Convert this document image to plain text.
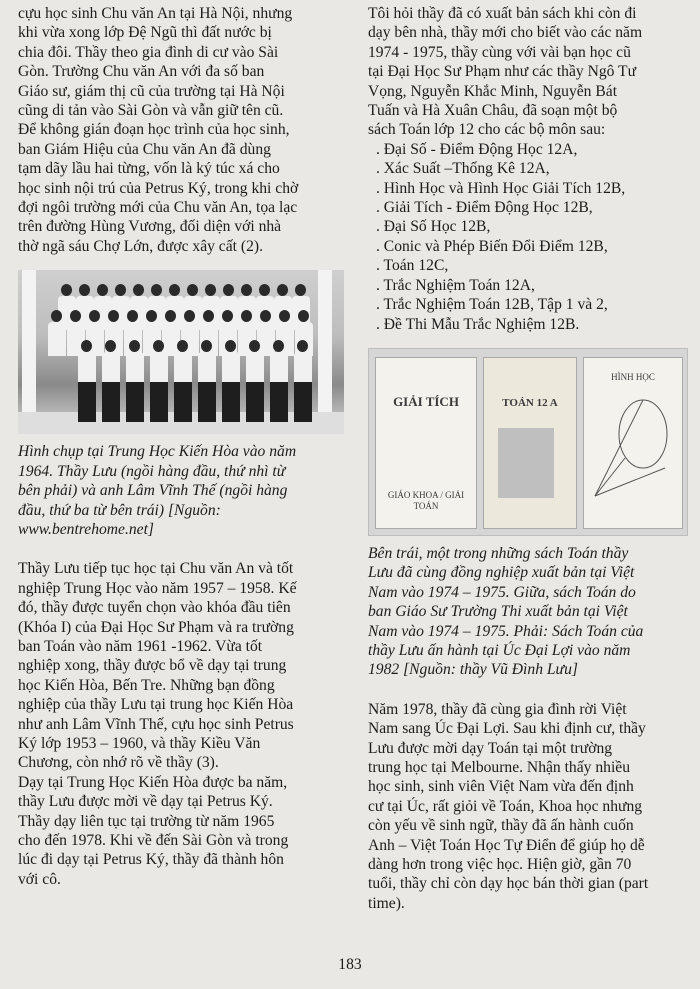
cựu học sinh Chu văn An tại Hà Nội, nhưng

khi vừa xong lớp Đệ Ngũ thì đất nước bị

chia đôi. Thầy theo gia đình di cư vào Sài

Gòn. Trường Chu văn An với đa số ban

Giáo sư, giám thị cũ của trường tại Hà Nội

cũng di tản vào Sài Gòn và vẫn giữ tên cũ.

Để không gián đoạn học trình của học sinh,

ban Giám Hiệu của Chu văn An đã dùng

tạm dãy lầu hai từng, vốn là ký túc xá cho

học sinh nội trú của Petrus Ký, trong khi chờ

đợi ngôi trường mới của Chu văn An, tọa lạc

trên đường Hùng Vương, đối diện với nhà

thờ ngã sáu Chợ Lớn, được xây cất (2).

Hình chụp tại Trung Học Kiến Hòa vào năm

1964. Thầy Lưu (ngồi hàng đầu, thứ nhì từ

bên phải) và anh Lâm Vĩnh Thế (ngồi hàng

đầu, thứ ba từ bên trái) [Nguồn:

www.bentrehome.net]

Thầy Lưu tiếp tục học tại Chu văn An và tốt

nghiệp Trung Học vào năm 1957 – 1958. Kế

đó, thầy được tuyển chọn vào khóa đầu tiên

(Khóa I) của Đại Học Sư Phạm và ra trường

ban Toán vào năm 1961 -1962. Vừa tốt

nghiệp xong, thầy được bổ về dạy tại trung

học Kiến Hòa, Bến Tre. Những bạn đồng

nghiệp của thầy Lưu tại trung học Kiến Hòa

như anh Lâm Vĩnh Thế, cựu học sinh Petrus

Ký lớp 1953 – 1960, và thầy Kiều Văn

Chương, còn nhớ rõ về thầy (3).

Dạy tại Trung Học Kiến Hòa được ba năm,

thầy Lưu được mời về dạy tại Petrus Ký.

Thầy dạy liên tục tại trường từ năm 1965

cho đến 1978. Khi về đến Sài Gòn và trong

lúc đi dạy tại Petrus Ký, thầy đã thành hôn

với cô.

Tôi hỏi thầy đã có xuất bản sách khi còn đi

dạy bên nhà, thầy mới cho biết vào các năm

1974 - 1975, thầy cùng với vài bạn học cũ

tại Đại Học Sư Phạm như các thầy Ngô Tư

Vọng, Nguyễn Khắc Minh, Nguyễn Bát

Tuấn và Hà Xuân Châu, đã soạn một bộ

sách Toán lớp 12 cho các bộ môn sau:

. Đại Số - Điểm Động Học 12A,

. Xác Suất –Thống Kê 12A,

. Hình Học và Hình Học Giải Tích 12B,

. Giải Tích - Điểm Động Học 12B,

. Đại Số Học 12B,

. Conic và Phép Biến Đổi Điểm 12B,

. Toán 12C,

. Trắc Nghiệm Toán 12A,

. Trắc Nghiệm Toán 12B, Tập 1 và 2,

. Đề Thi Mẫu Trắc Nghiệm 12B.

GIẢI TÍCH
GIÁO KHOA / GIẢI TOÁN
TOÁN 12 A
HÌNH HỌC

Bên trái, một trong những sách Toán thầy

Lưu đã cùng đồng nghiệp xuất bản tại Việt

Nam vào 1974 – 1975. Giữa, sách Toán do

ban Giáo Sư Trường Thi xuất bản tại Việt

Nam vào 1974 – 1975. Phải: Sách Toán của

thầy Lưu ấn hành tại Úc Đại Lợi vào năm

1982 [Nguồn: thầy Vũ Đình Lưu]

Năm 1978, thầy đã cùng gia đình rời Việt

Nam sang Úc Đại Lợi. Sau khi định cư, thầy

Lưu được mời dạy Toán tại một trường

trung học tại Melbourne. Nhận thấy nhiều

học sinh, sinh viên Việt Nam vừa đến định

cư tại Úc, rất giỏi về Toán, Khoa học nhưng

còn yếu về sinh ngữ, thầy đã ấn hành cuốn

Anh – Việt Toán Học Tự Điển để giúp họ dễ

dàng hơn trong việc học. Hiện giờ, gần 70

tuổi, thầy chỉ còn dạy học bán thời gian (part

time).

183
